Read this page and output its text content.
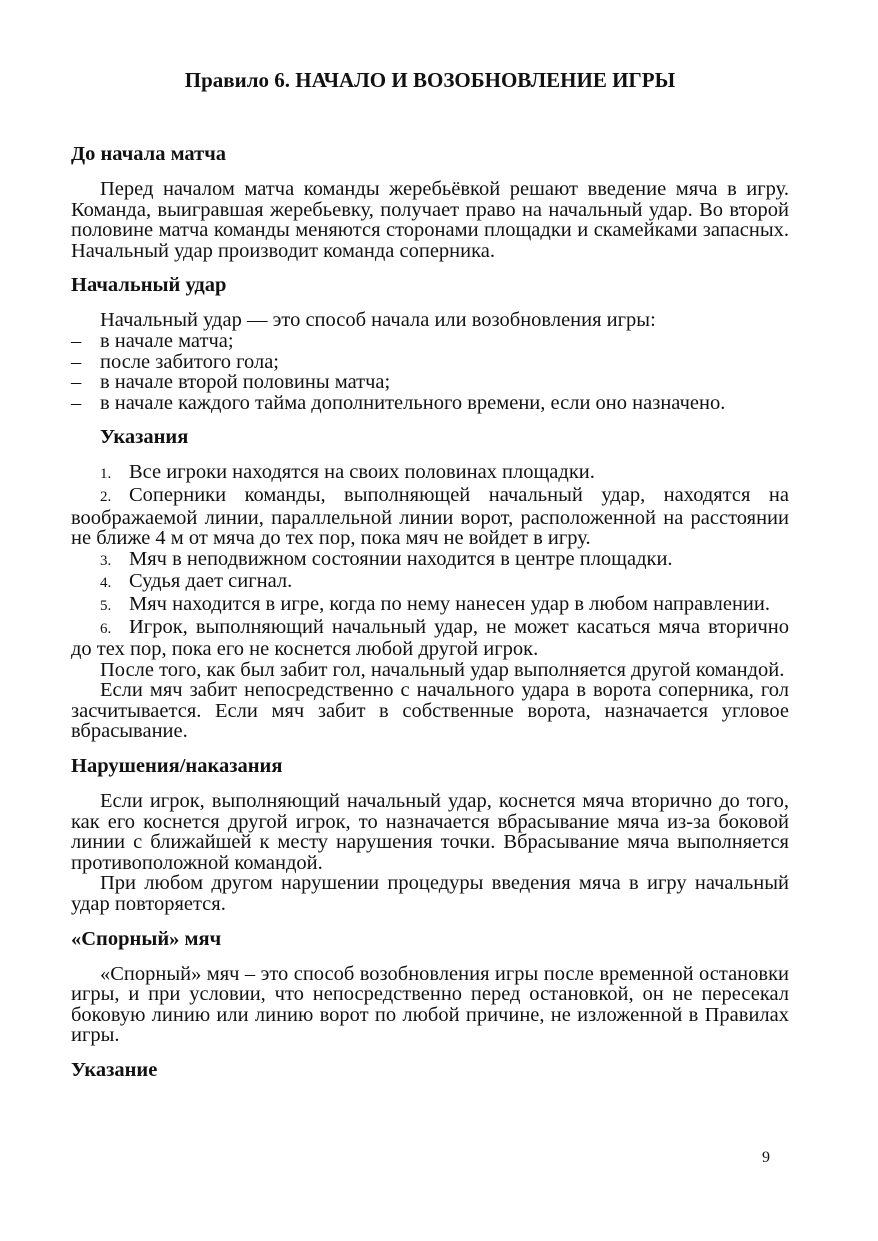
Правило 6. НАЧАЛО И ВОЗОБНОВЛЕНИЕ ИГРЫ
До начала матча

Перед началом матча команды жеребьёвкой решают введение мяча в игру. Команда, выигравшая жеребьевку, получает право на начальный удар. Во второй половине матча команды меняются сторонами площадки и скамейками запасных. Начальный удар производит команда соперника.

Начальный удар

Начальный удар — это способ начала или возобновления игры:

– в начале матча;
– после забитого гола;
– в начале второй половины матча;
– в начале каждого тайма дополнительного времени, если оно назначено.
Указания
1. Все игроки находятся на своих половинах площадки.
2. Соперники команды, выполняющей начальный удар, находятся на воображаемой линии, параллельной линии ворот, расположенной на расстоянии не ближе 4 м от мяча до тех пор, пока мяч не войдет в игру.
3. Мяч в неподвижном состоянии находится в центре площадки.
4. Судья дает сигнал.
5. Мяч находится в игре, когда по нему нанесен удар в любом направлении.
6. Игрок, выполняющий начальный удар, не может касаться мяча вторично до тех пор, пока его не коснется любой другой игрок.

После того, как был забит гол, начальный удар выполняется другой командой.

Если мяч забит непосредственно с начального удара в ворота соперника, гол засчитывается. Если мяч забит в собственные ворота, назначается угловое вбрасывание.

Нарушения/наказания

Если игрок, выполняющий начальный удар, коснется мяча вторично до того, как его коснется другой игрок, то назначается вбрасывание мяча из-за боковой линии с ближайшей к месту нарушения точки. Вбрасывание мяча выполняется противоположной командой.

При любом другом нарушении процедуры введения мяча в игру начальный удар повторяется.

«Спорный» мяч

«Спорный» мяч – это способ возобновления игры после временной остановки игры, и при условии, что непосредственно перед остановкой, он не пересекал боковую линию или линию ворот по любой причине, не изложенной в Правилах игры.

Указание
9
